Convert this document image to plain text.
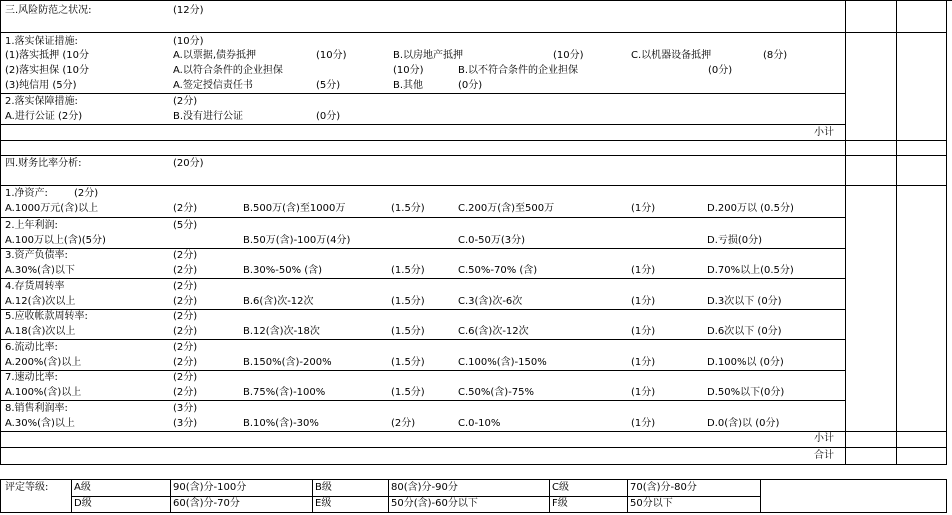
三.风险防范之状况:	(12分)
1.落实保证措施:	(10分)
(1)落实抵押 (10分	A.以票据,债券抵押	(10分)	B.以房地产抵押	(10分)	C.以机器设备抵押	(8分)
(2)落实担保 (10分	A.以符合条件的企业担保	(10分)	B.以不符合条件的企业担保	(0分)
(3)纯信用 (5分)	A.签定授信责任书	(5分)	B.其他	(0分)
2.落实保障措施:	(2分)
A.进行公证 (2分)	B.没有进行公证	(0分)
小计
四.财务比率分析:	(20分)
1.净资产:	(2分)
A.1000万元(含)以上	(2分)	B.500万(含)至1000万	(1.5分)	C.200万(含)至500万	(1分)	D.200万以 (0.5分)
2.上年利润:	(5分)
A.100万以上(含)(5分)	B.50万(含)-100万(4分)	C.0-50万(3分)	D.亏损(0分)
3.资产负债率:	(2分)
A.30%(含)以下	(2分)	B.30%-50% (含)	(1.5分)	C.50%-70% (含)	(1分)	D.70%以上(0.5分)
4.存货周转率	(2分)
A.12(含)次以上	(2分)	B.6(含)次-12次	(1.5分)	C.3(含)次-6次	(1分)	D.3次以下 (0分)
5.应收帐款周转率:	(2分)
A.18(含)次以上	(2分)	B.12(含)次-18次	(1.5分)	C.6(含)次-12次	(1分)	D.6次以下 (0分)
6.流动比率:	(2分)
A.200%(含)以上	(2分)	B.150%(含)-200%	(1.5分)	C.100%(含)-150%	(1分)	D.100%以 (0分)
7.速动比率:	(2分)
A.100%(含)以上	(2分)	B.75%(含)-100%	(1.5分)	C.50%(含)-75%	(1分)	D.50%以下(0分)
8.销售利润率:	(3分)
A.30%(含)以上	(3分)	B.10%(含)-30%	(2分)	C.0-10%	(1分)	D.0(含)以 (0分)
小计
合计
评定等级:	A级	90(含)分-100分	B级	80(含)分-90分	C级	70(含)分-80分
D级	60(含)分-70分	E级	50分(含)-60分以下	F级	50分以下
